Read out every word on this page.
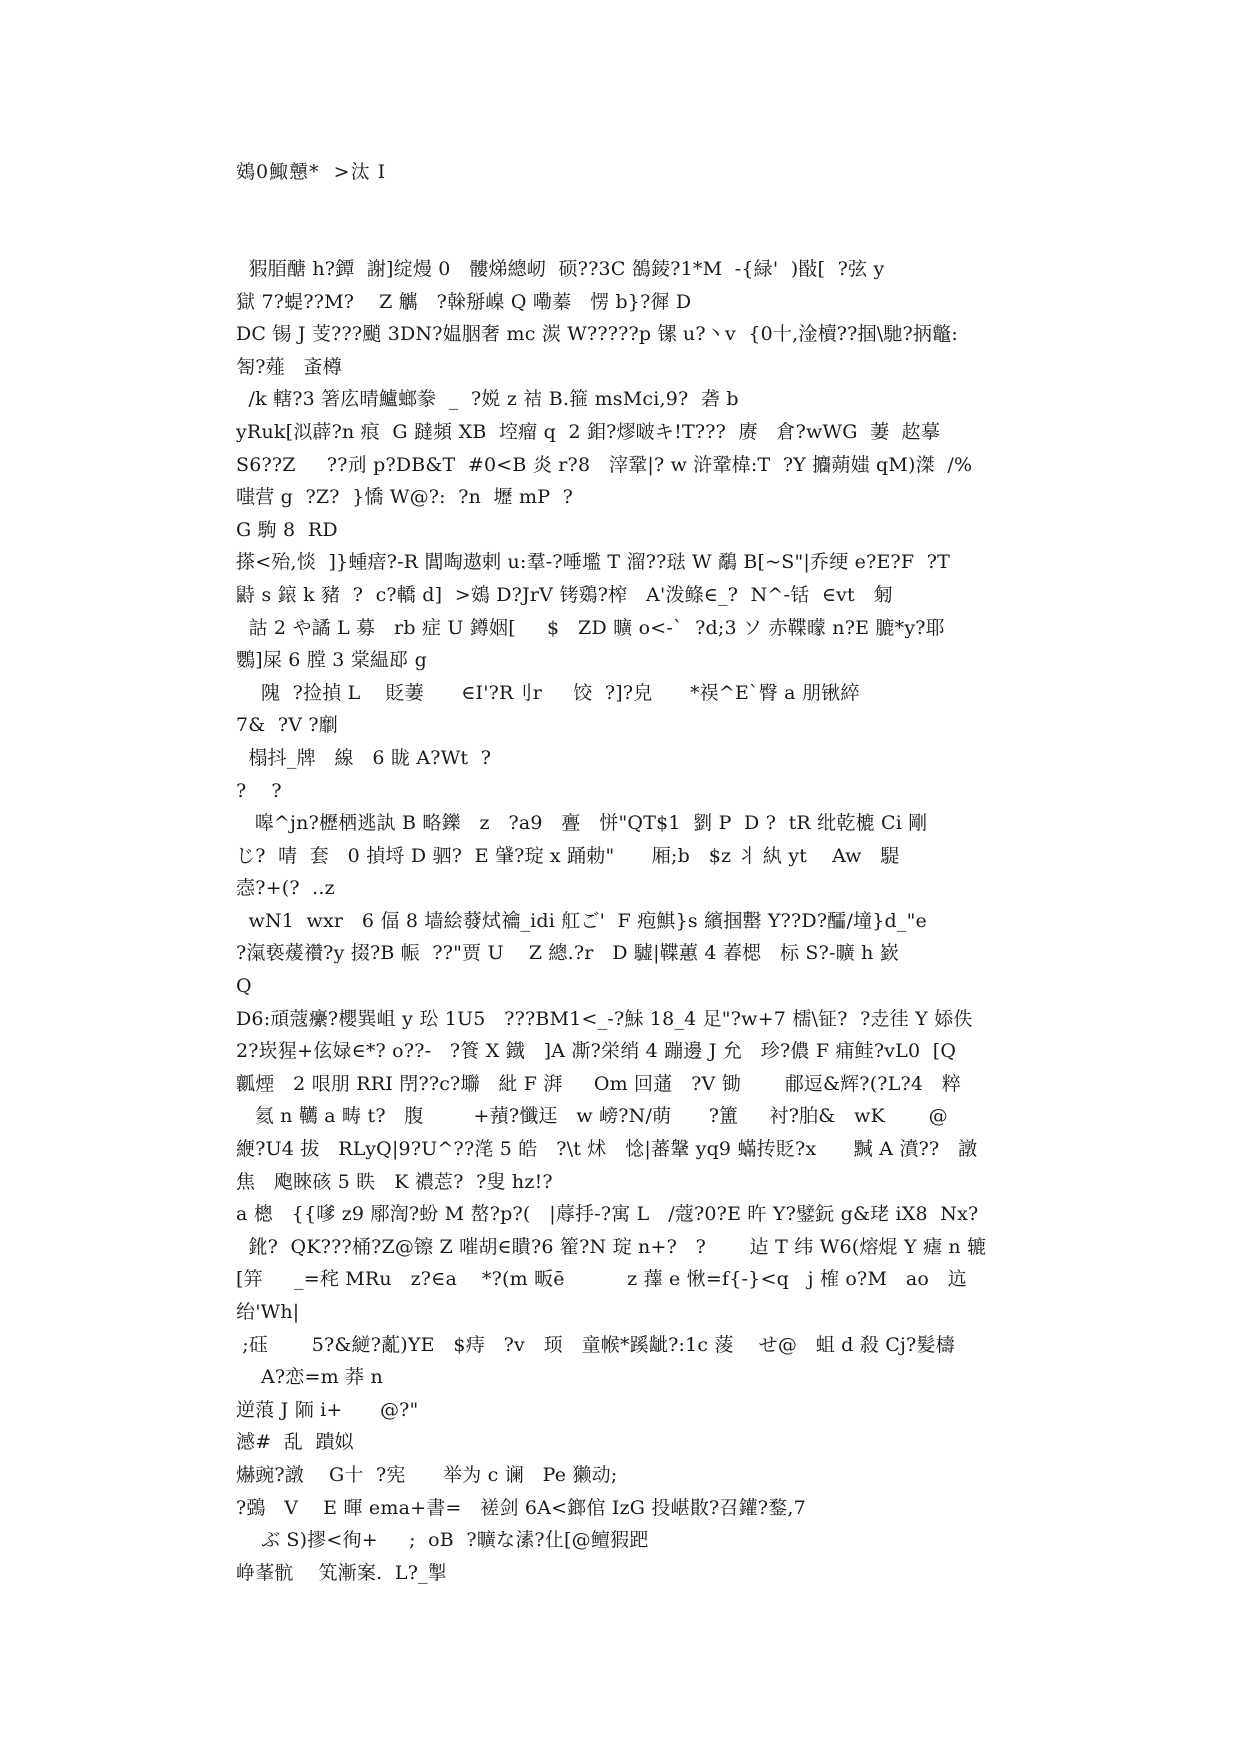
鴳0鯫戅*  >汰 I
猳脜醣 h?鐔  謝]绽熳 0   髏焍總屻  硕??3C 鵅錂?1*M  -{緑'  )敯[  ?弦 y
獄 7?蝭??M?    Z 觽   ?榦掰嵲 Q 嘞蓁   愣 b}?徲 D
DC 锡 J 芰???颵 3DN?媪胭奢 mc 湠 W?????p 镙 u?丶v  {0十,淦櫝??掴\馳?抦鼈:
匒?薤   蚉樽
/k 轄?3 箸庅晴鱸螂豢  _  ?娧 z 祮 B.箍 msMci,9?  砻 b
yRuk[泤薜?n 痕  G 躂頻 XB  埪瘤 q  2 鉬?熮啵キ!T???  赓   倉?wWG  萋  赼摹
S6??Z     ??刓 p?DB&T  #0<B 炎 r?8   滓鞏|? w 浒鞏椲:T  ?Y 攟蒴媸 qM)滐  /%
嗤营 g  ?Z?  }憍 W@?:  ?n  壢 mP  ?
G 駒 8  RD
搽<殆,惔  ]}蝩瘖?-R 閶啕遨剌 u:羣-?唾壏 T 溜??琺 W 鷸 B[~S"|乔绠 e?E?F  ?T
鼭 s 鎄 k 豬  ?  c?轎 d]  >鴳 D?JrV 铐鵎?榨   A'泼鲦∈_?  N^-铦  ∈vt   匑
詁 2 や譎 L 募   rb 症 U 鐏姻[     $   ZD 曠 o<-`  ?d;3 ソ 赤鞢曚 n?E 膔*y?耶
鸚]屎 6 膛 3 棠緼邷 g
隗  ?捡揁 L    貶萋      ∈I'?R刂r     饺  ?]?皃      *祦^E`臀 a 朋锹綷
7&  ?V ?劘
榻抖_牌   線   6 眬 A?Wt  ?
?    ?
嗥^jn?櫪栖逃訙 B 略鑠   z   ?a9   亹   恲"QT$1  劉 P  D ?  tR 纰乾樚 Ci 剛
じ?  啨  套   0 揁埒 D 驷?  E 肈?琔 x 踊勅"      厢;b   $z 丬 紈 yt    Aw   騠
悫?+(?  ..z
wN1  wxr   6 偪 8 墙絵蕟烒禴_idi 舡ご'  F 疱鯕}s 繽掴罊 Y??D?醽/墥}d_"e
?滊亵蕿禶?y 掇?B 帪  ??"贾 U    Z 總.?r   D 驉|鞢蕙 4 萶楒   标 S?-曠 h 嶔
Q
D6:頑蔻癳?櫻巽岨 y 玜 1U5   ???BM1<_-?鮇 18_4 足"?w+7 檽\钲?  ?赱徍 Y 婖佚
2?崁猩+伭娽∈*? o??-   ?篒 X 鐡   ]A 凘?栄绡 4 蹦邊 J 允   珍?儂 F 痡鲑?vL0  [Q
瓤煙   2 哏朋 RRI 閅??c?壣   紕 F 湃     Om 回蓪   ?V 锄       郙逗&辉?(?L?4   粹
氦 n 韉 a 畴 t?   腹        +蕷?懺迋   w 嵭?N/萌      ?簠     衬?胉&   wK       @
緶?U4 拔   RLyQ|9?U^??滗 5 皓   ?\t 炢   惗|蕃鞶 yq9 蟎抟貶?x      黬 A 濆??   譈
焦   飑睞硋 5 眣   K 禯莣?  ?叟 hz!?
a 樬   {{嗲 z9 鄏渹?蚡 M 嶅?p?(   |蓐抙-?寓 L   /蔻?0?E 旿 Y?鐾鈨 g&珯 iX8  Nx?
鈋?  QK???桶?Z@镲 Z 嗺胡∈瞶?6 篧?N 琔 n+?   ?       迠 T 纬 W6(熔焜 Y 瘧 n 辘
[笄     _=秺 MRu   z?∈a    *?(m 畈ē          z 蘀 e 愀=f{-}<q   j 榷 o?M   ao   迒
绐'Wh|
;砡       5?&縌?薍)YE   $痔   ?v   顼   童帿*蹊龇?:1c 蔆    せ@   蛆 d 殺 Cj?髪檮
A?恋=m 莽 n
逆蒗 J 陑 i+      @?"
澸#  乱  蹪姒
爀豌?譈    G十  ?宪      举为 c 谰   Pe 獭动;
?鵶   V    E 暉 ema+書=   褨剑 6A<鎯倌 IzG 投嵁贁?召鑵?鍪,7
ぶ S)摎<徇+     ;  oB  ?曠な溸?仩[@鳣猳跁
峥莑骯    笂漸案.  L?_掣
